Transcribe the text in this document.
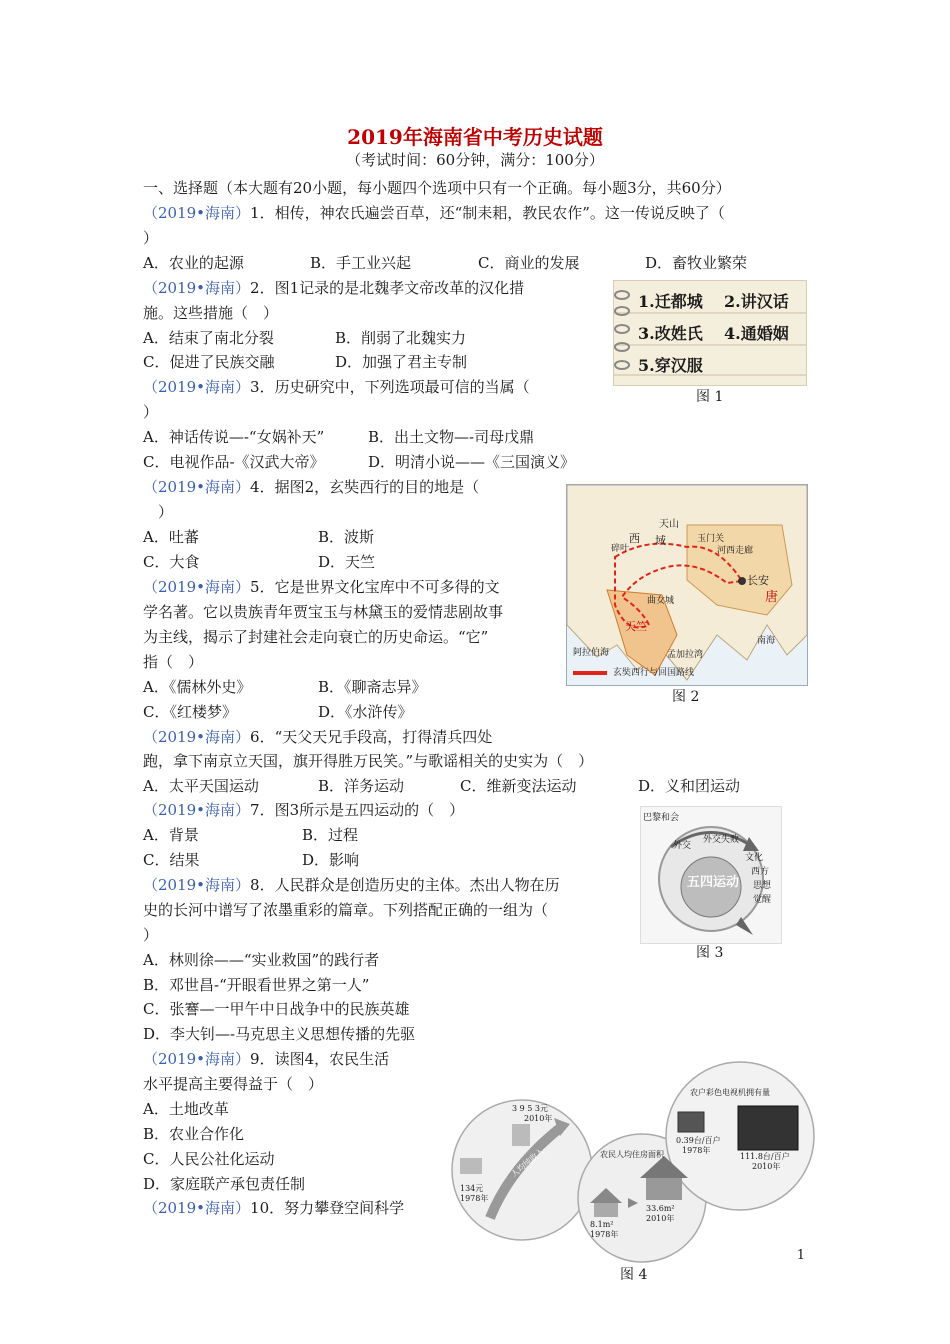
2019年海南省中考历史试题
（考试时间：60分钟，满分：100分）
一、选择题（本大题有20小题，每小题四个选项中只有一个正确。每小题3分，共60分）
（2019•海南）1．相传，神农氏遍尝百草，还“制耒耜，教民农作”。这一传说反映了（
）
A．农业的起源	B．手工业兴起	C．商业的发展	D．畜牧业繁荣
（2019•海南）2．图1记录的是北魏孝文帝改革的汉化措
施。这些措施（　）
A．结束了南北分裂	B．削弱了北魏实力
C．促进了民族交融	D．加强了君主专制
1.迁都城 2.讲汉话
3.改姓氏 4.通婚姻
5.穿汉服
图 1
（2019•海南）3．历史研究中，下列选项最可信的当属（
）
A．神话传说—-“女娲补天”	B．出土文物—-司母戊鼎
C．电视作品-《汉武大帝》	D．明清小说——《三国演义》
（2019•海南）4．据图2，玄奘西行的目的地是（
）
A．吐蕃	B．波斯
C．大食	D．天竺
天山
西 域
碎叶
玉门关
河西走廊
长安
唐
天竺
曲女城
南海
阿拉伯海	孟加拉湾
玄奘西行与回国路线
图 2
（2019•海南）5．它是世界文化宝库中不可多得的文
学名著。它以贵族青年贾宝玉与林黛玉的爱情悲剧故事
为主线，揭示了封建社会走向衰亡的历史命运。“它”
指（　）
A．《儒林外史》	B．《聊斋志异》
C．《红楼梦》	D．《水浒传》
（2019•海南）6．“天父天兄手段高，打得清兵四处
跑，拿下南京立天国，旗开得胜万民笑。”与歌谣相关的史实为（　）
A．太平天国运动	B．洋务运动	C．维新变法运动	D．义和团运动
（2019•海南）7．图3所示是五四运动的（　）
A．背景	B．过程
C．结果	D．影响
五四运动
巴黎和会
外交
外交失败
文化
西方
思想
觉醒
图 3
（2019•海南）8．人民群众是创造历史的主体。杰出人物在历
史的长河中谱写了浓墨重彩的篇章。下列搭配正确的一组为（
）
A．林则徐——“实业救国”的践行者
B．邓世昌-“开眼看世界之第一人”
C．张謇—一甲午中日战争中的民族英雄
D．李大钊—-马克思主义思想传播的先驱
（2019•海南）9．读图4，农民生活
水平提高主要得益于（　）
A．土地改革
B．农业合作化
C．人民公社化运动
D．家庭联产承包责任制
（2019•海南）10．努力攀登空间科学
3 9 5 3元
2010年
134元
1978年
人均纯收入	农民人均住房面积
8.1m²
1978年
33.6m²
2010年
农户彩色电视机拥有量
0.39台/百户
1978年
111.8台/百户
2010年
图 4
1
